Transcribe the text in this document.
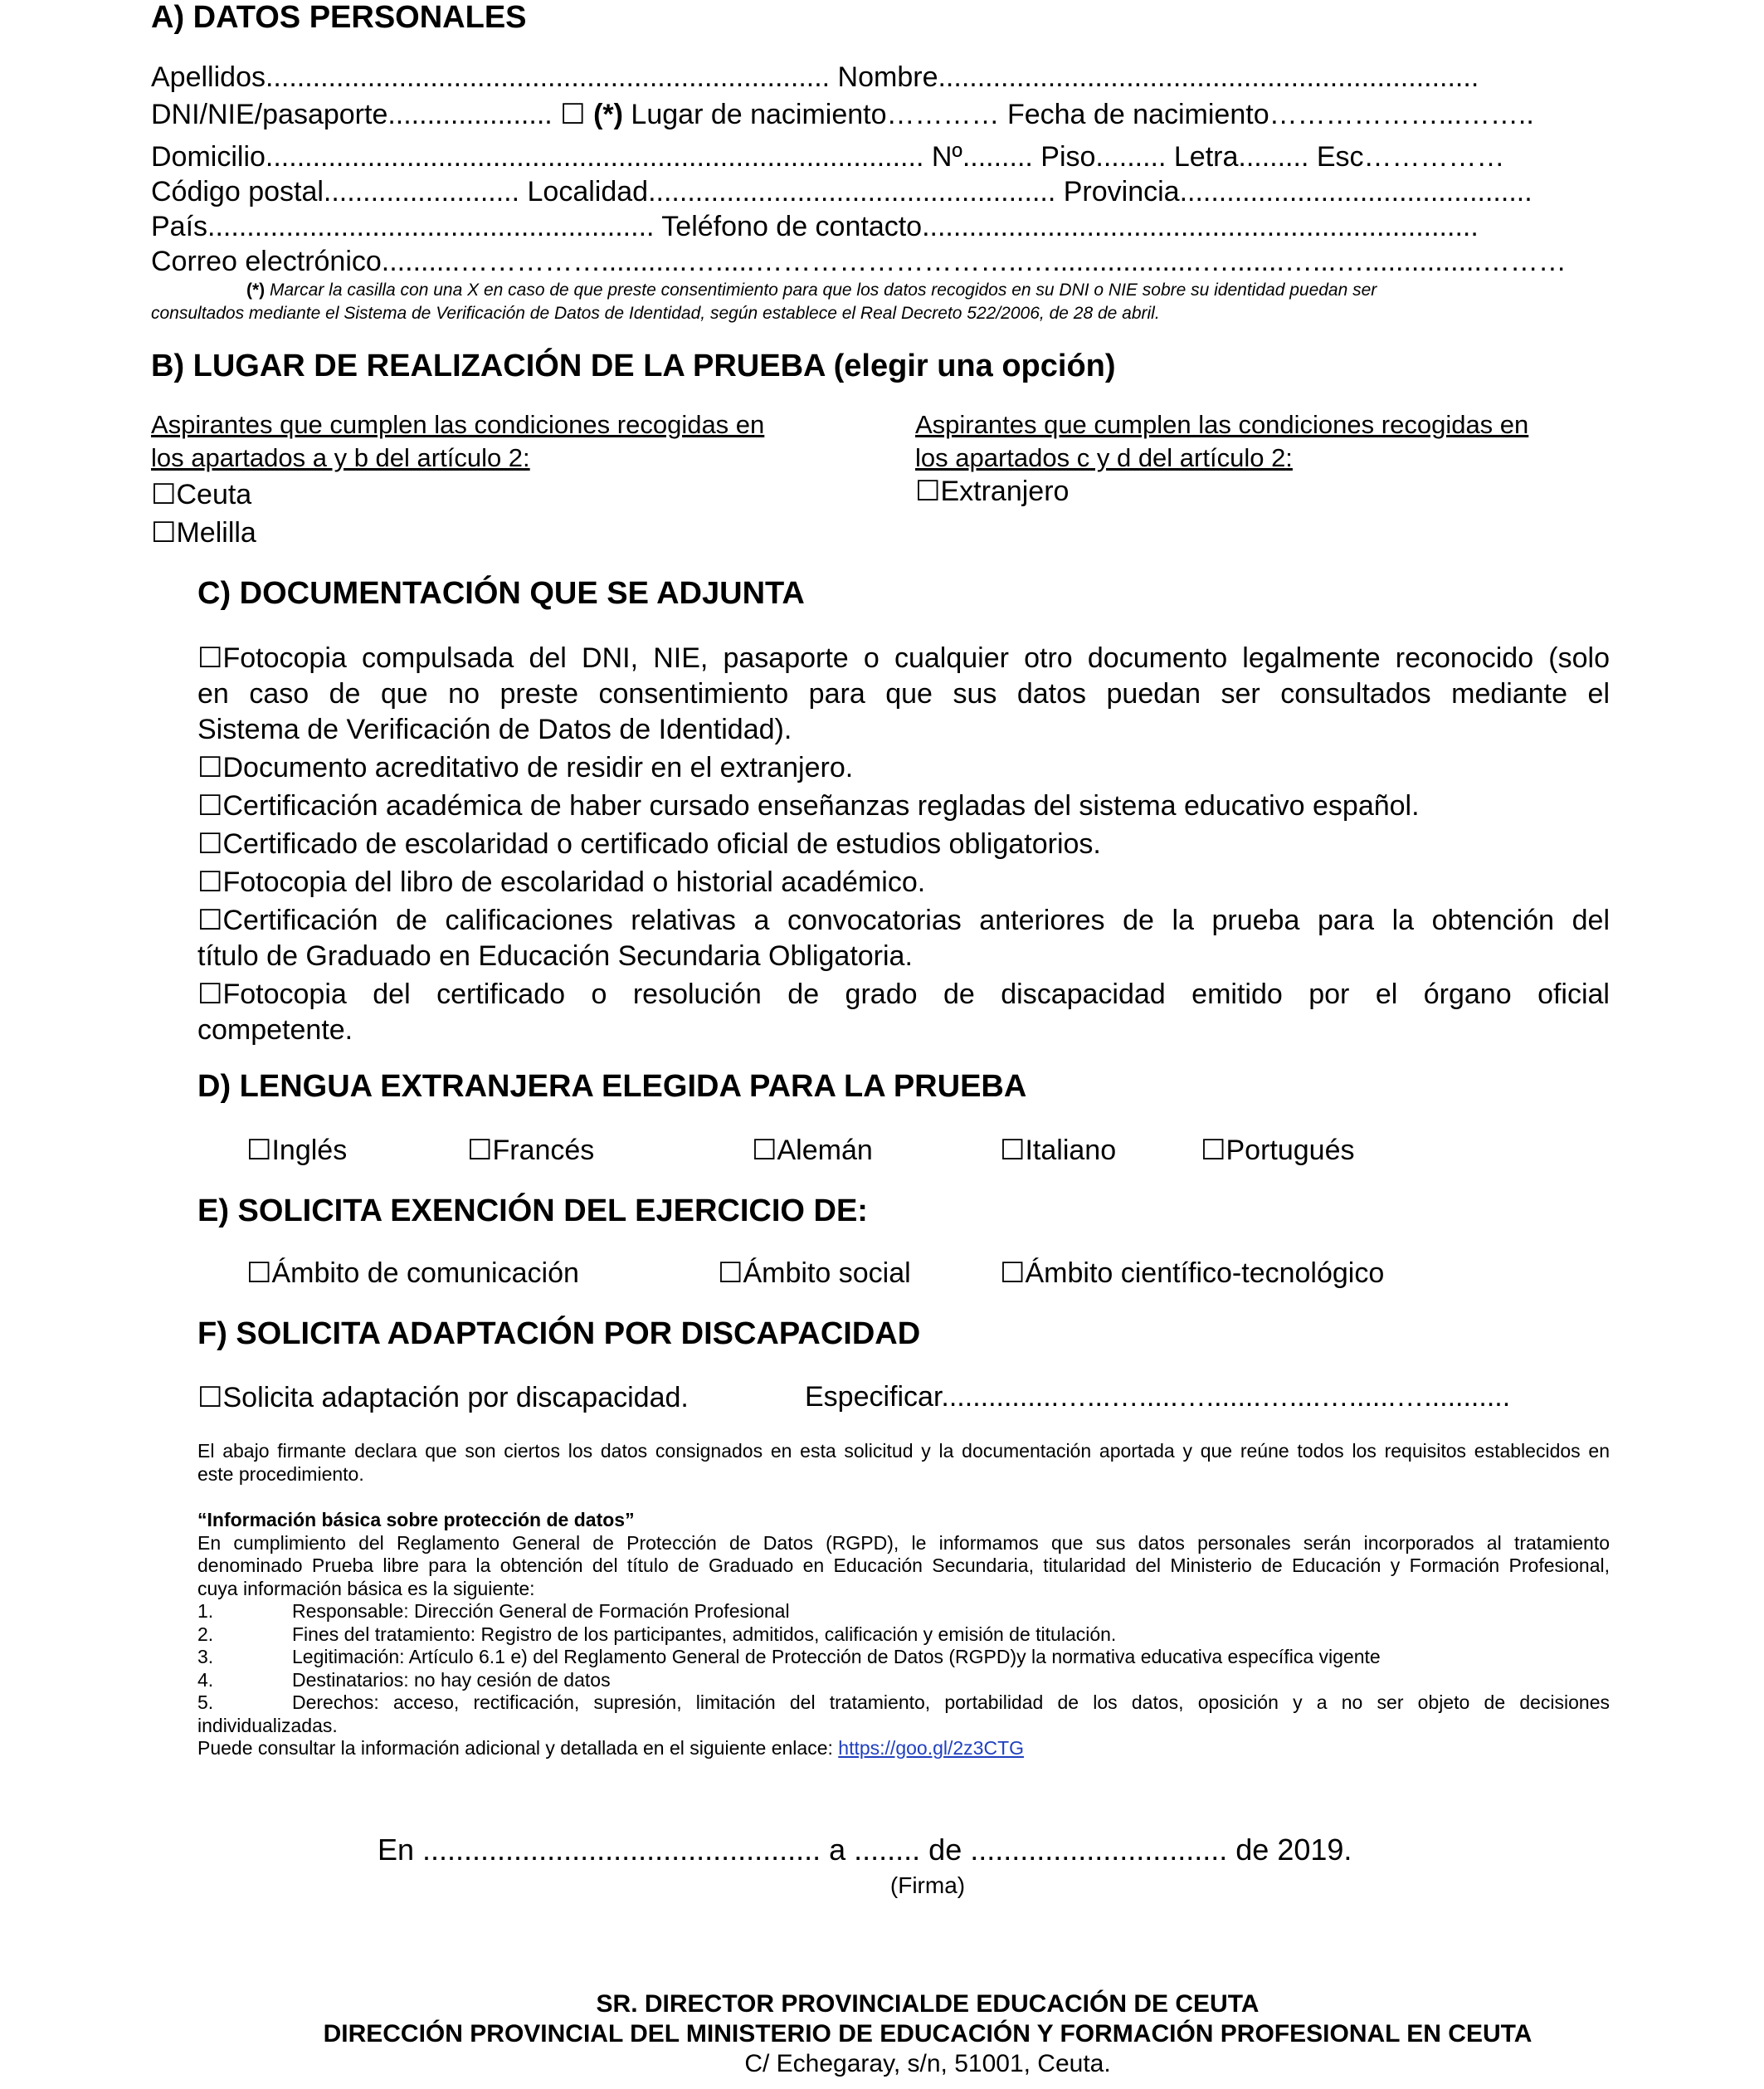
A) DATOS PERSONALES
Apellidos........................................................................ Nombre.....................................................................
DNI/NIE/pasaporte..................... ☐ (*) Lugar de nacimiento………… Fecha de nacimiento………………...……..
Domicilio.................................................................................... Nº......... Piso......... Letra......... Esc……………
Código postal......................... Localidad.................................................... Provincia.............................................
País......................................................... Teléfono de contacto.......................................................................
Correo electrónico..........……………...........….....………………………..…...................….......…...…...............………
(*) Marcar la casilla con una X en caso de que preste consentimiento para que los datos recogidos en su DNI o NIE sobre su identidad puedan ser
consultados mediante el Sistema de Verificación de Datos de Identidad, según establece el Real Decreto 522/2006, de 28 de abril.
B) LUGAR DE REALIZACIÓN DE LA PRUEBA (elegir una opción)
Aspirantes que cumplen las condiciones recogidas en
los apartados a y b del artículo 2:
☐Ceuta
☐Melilla
Aspirantes que cumplen las condiciones recogidas en
los apartados c y d del artículo 2:
☐Extranjero
C) DOCUMENTACIÓN QUE SE ADJUNTA
☐Fotocopia compulsada del DNI, NIE, pasaporte o cualquier otro documento legalmente reconocido (solo
en caso de que no preste consentimiento para que sus datos puedan ser consultados mediante el
Sistema de Verificación de Datos de Identidad).
☐Documento acreditativo de residir en el extranjero.
☐Certificación académica de haber cursado enseñanzas regladas del sistema educativo español.
☐Certificado de escolaridad o certificado oficial de estudios obligatorios.
☐Fotocopia del libro de escolaridad o historial académico.
☐Certificación de calificaciones relativas a convocatorias anteriores de la prueba para la obtención del
título de Graduado en Educación Secundaria Obligatoria.
☐Fotocopia del certificado o resolución de grado de discapacidad emitido por el órgano oficial
competente.
D) LENGUA EXTRANJERA ELEGIDA PARA LA PRUEBA
☐Inglés	☐Francés	☐Alemán	☐Italiano	☐Portugués
E) SOLICITA EXENCIÓN DEL EJERCICIO DE:
☐Ámbito de comunicación	☐Ámbito social	☐Ámbito científico-tecnológico
F) SOLICITA ADAPTACIÓN POR DISCAPACIDAD
☐Solicita adaptación por discapacidad.	Especificar...............…...….....….......…....…......…...........
El abajo firmante declara que son ciertos los datos consignados en esta solicitud y la documentación aportada y que reúne todos los requisitos establecidos en
este procedimiento.
“Información básica sobre protección de datos”
En cumplimiento del Reglamento General de Protección de Datos (RGPD), le informamos que sus datos personales serán incorporados al tratamiento
denominado Prueba libre para la obtención del título de Graduado en Educación Secundaria, titularidad del Ministerio de Educación y Formación Profesional,
cuya información básica es la siguiente:
1.	Responsable: Dirección General de Formación Profesional
2.	Fines del tratamiento: Registro de los participantes, admitidos, calificación y emisión de titulación.
3.	Legitimación: Artículo 6.1 e) del Reglamento General de Protección de Datos (RGPD)y la normativa educativa específica vigente
4.	Destinatarios: no hay cesión de datos
5.	Derechos: acceso, rectificación, supresión, limitación del tratamiento, portabilidad de los datos, oposición y a no ser objeto de decisiones
individualizadas.
Puede consultar la información adicional y detallada en el siguiente enlace: https://goo.gl/2z3CTG
En ................................................ a ........ de ............................... de 2019.
(Firma)
SR. DIRECTOR PROVINCIALDE EDUCACIÓN DE CEUTA
DIRECCIÓN PROVINCIAL DEL MINISTERIO DE EDUCACIÓN Y FORMACIÓN PROFESIONAL EN CEUTA
C/ Echegaray, s/n, 51001, Ceuta.
